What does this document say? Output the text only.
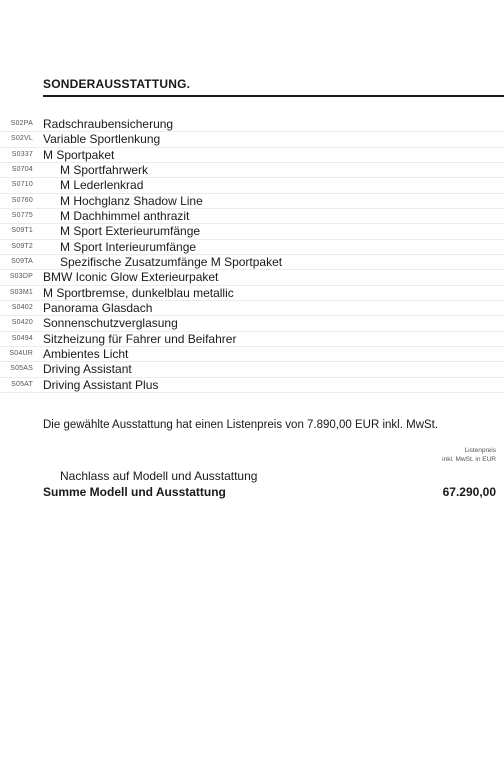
SONDERAUSSTATTUNG.
S02PA Radschraubensicherung
S02VL Variable Sportlenkung
S0337 M Sportpaket
S0704 M Sportfahrwerk
S0710 M Lederlenkrad
S0760 M Hochglanz Shadow Line
S0775 M Dachhimmel anthrazit
S09T1 M Sport Exterieurumfänge
S09T2 M Sport Interieurumfänge
S09TA Spezifische Zusatzumfänge M Sportpaket
S03DP BMW Iconic Glow Exterieurpaket
S03M1 M Sportbremse, dunkelblau metallic
S0402 Panorama Glasdach
S0420 Sonnenschutzverglasung
S0494 Sitzheizung für Fahrer und Beifahrer
S04UR Ambientes Licht
S05AS Driving Assistant
S05AT Driving Assistant Plus
Die gewählte Ausstattung hat einen Listenpreis von 7.890,00 EUR inkl. MwSt.
Listenpreis
inkl. MwSt. in EUR
Nachlass auf Modell und Ausstattung
Summe Modell und Ausstattung	67.290,00
